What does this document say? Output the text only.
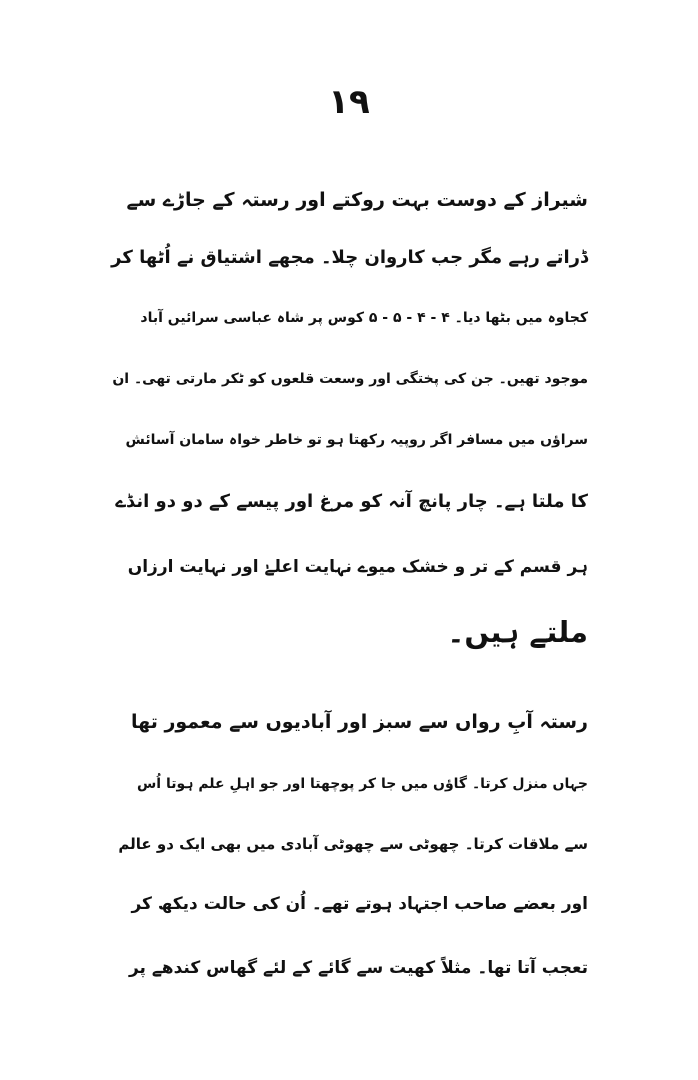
١٩
شیراز کے دوست بہت روکتے اور رستہ کے جاڑے سے
ڈراتے رہے مگر جب کاروان چلا۔ مجھے اشتیاق نے اُٹھا کر
کجاوہ میں بٹھا دیا۔ ۴ - ۴ - ۵ - ۵ کوس پر شاہ عباسی سرائیں آباد
موجود تھیں۔ جن کی پختگی اور وسعت قلعوں کو ٹکر مارتی تھی۔ ان
سراؤں میں مسافر اگر روپیہ رکھتا ہو تو خاطر خواہ سامان آسائش
کا ملتا ہے۔ چار پانچ آنہ کو مرغ اور پیسے کے دو دو انڈے
ہر قسم کے تر و خشک میوے نہایت اعلےٰ اور نہایت ارزاں
ملتے ہیں۔
رستہ آبِ رواں سے سبز اور آبادیوں سے معمور تھا
جہاں منزل کرتا۔ گاؤں میں جا کر پوچھتا اور جو اہلِ علم ہوتا اُس
سے ملاقات کرتا۔ چھوٹی سے چھوٹی آبادی میں بھی ایک دو عالم
اور بعضے صاحب اجتہاد ہوتے تھے۔ اُن کی حالت دیکھ کر
تعجب آتا تھا۔ مثلاً کھیت سے گائے کے لئے گھاس کندھے پر
